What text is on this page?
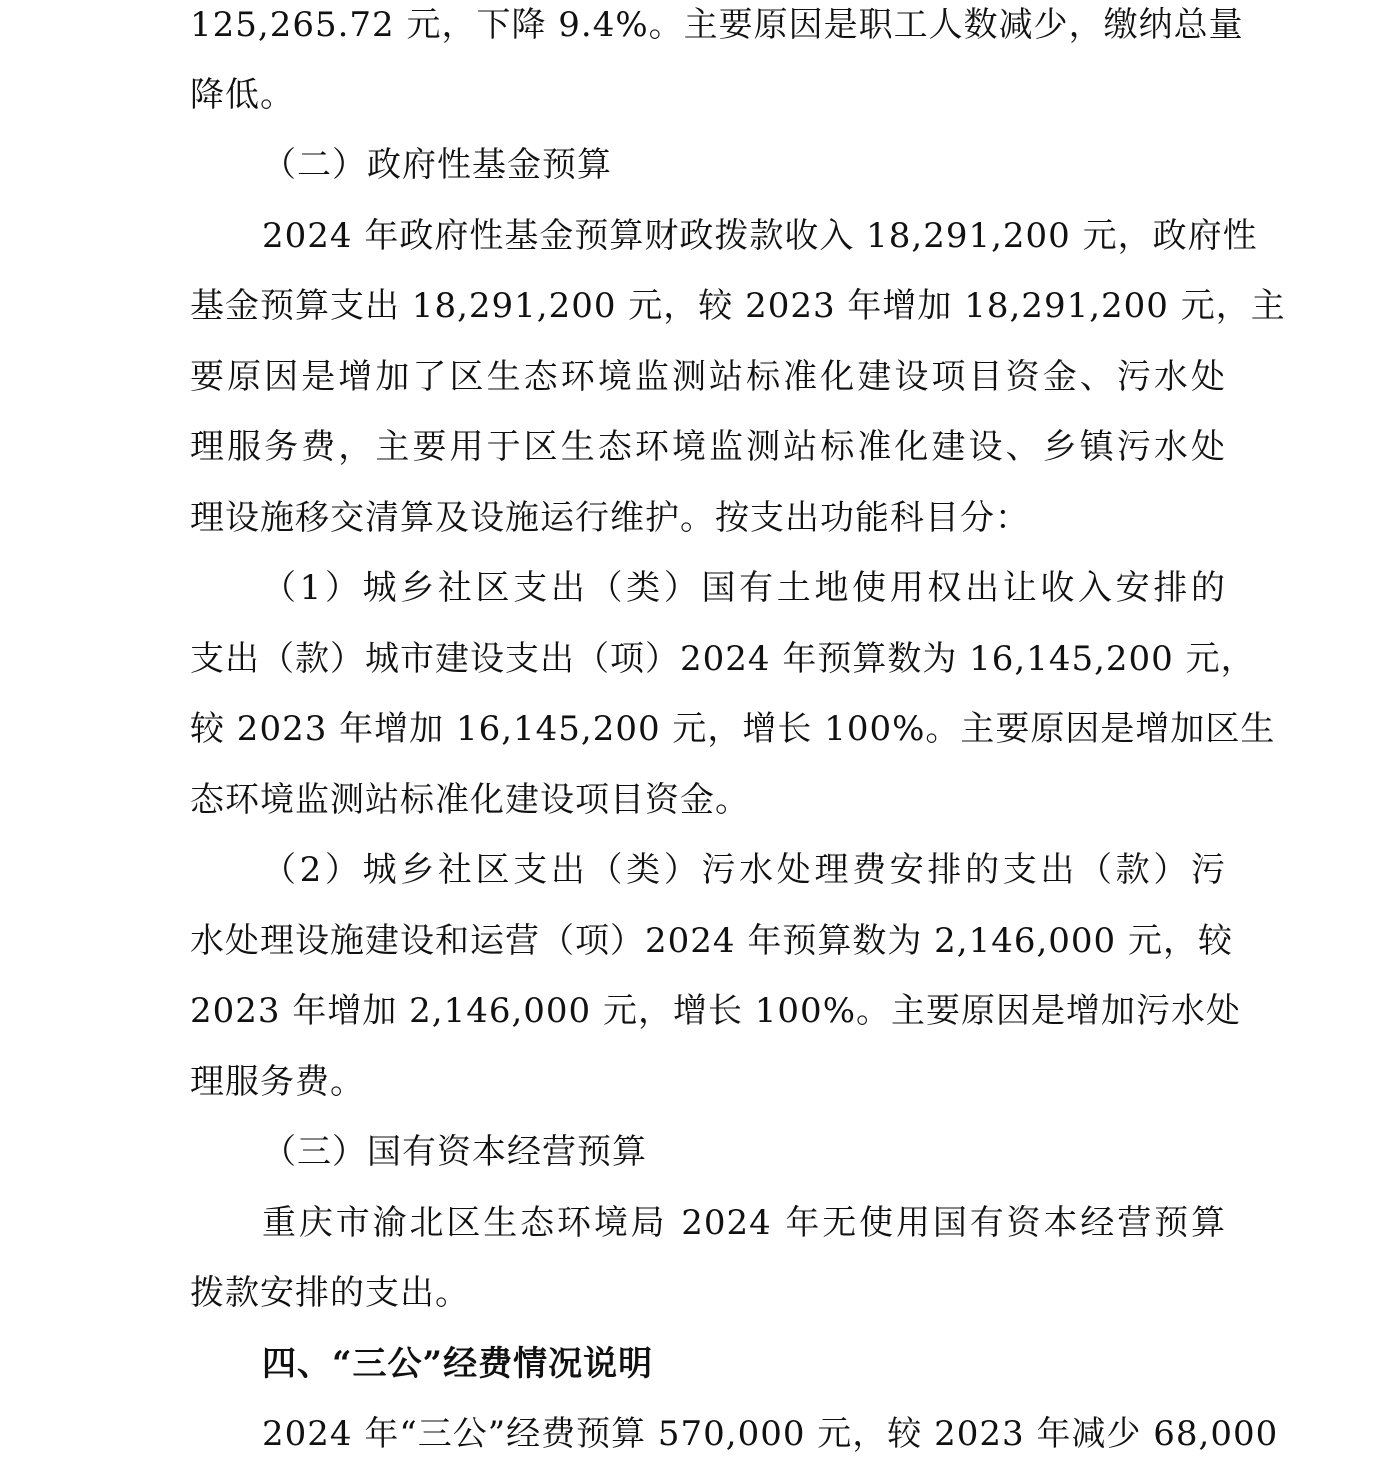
125,265.72 元，下降 9.4%。主要原因是职工人数减少，缴纳总量
降低。
（二）政府性基金预算
2024 年政府性基金预算财政拨款收入 18,291,200 元，政府性
基金预算支出 18,291,200 元，较 2023 年增加 18,291,200 元，主
要原因是增加了区生态环境监测站标准化建设项目资金、污水处
理服务费，主要用于区生态环境监测站标准化建设、乡镇污水处
理设施移交清算及设施运行维护。按支出功能科目分：
（1）城乡社区支出（类）国有土地使用权出让收入安排的
支出（款）城市建设支出（项）2024 年预算数为 16,145,200 元，
较 2023 年增加 16,145,200 元，增长 100%。主要原因是增加区生
态环境监测站标准化建设项目资金。
（2）城乡社区支出（类）污水处理费安排的支出（款）污
水处理设施建设和运营（项）2024 年预算数为 2,146,000 元，较
2023 年增加 2,146,000 元，增长 100%。主要原因是增加污水处
理服务费。
（三）国有资本经营预算
重庆市渝北区生态环境局 2024 年无使用国有资本经营预算
拨款安排的支出。
四、“三公”经费情况说明
2024 年“三公”经费预算 570,000 元，较 2023 年减少 68,000
